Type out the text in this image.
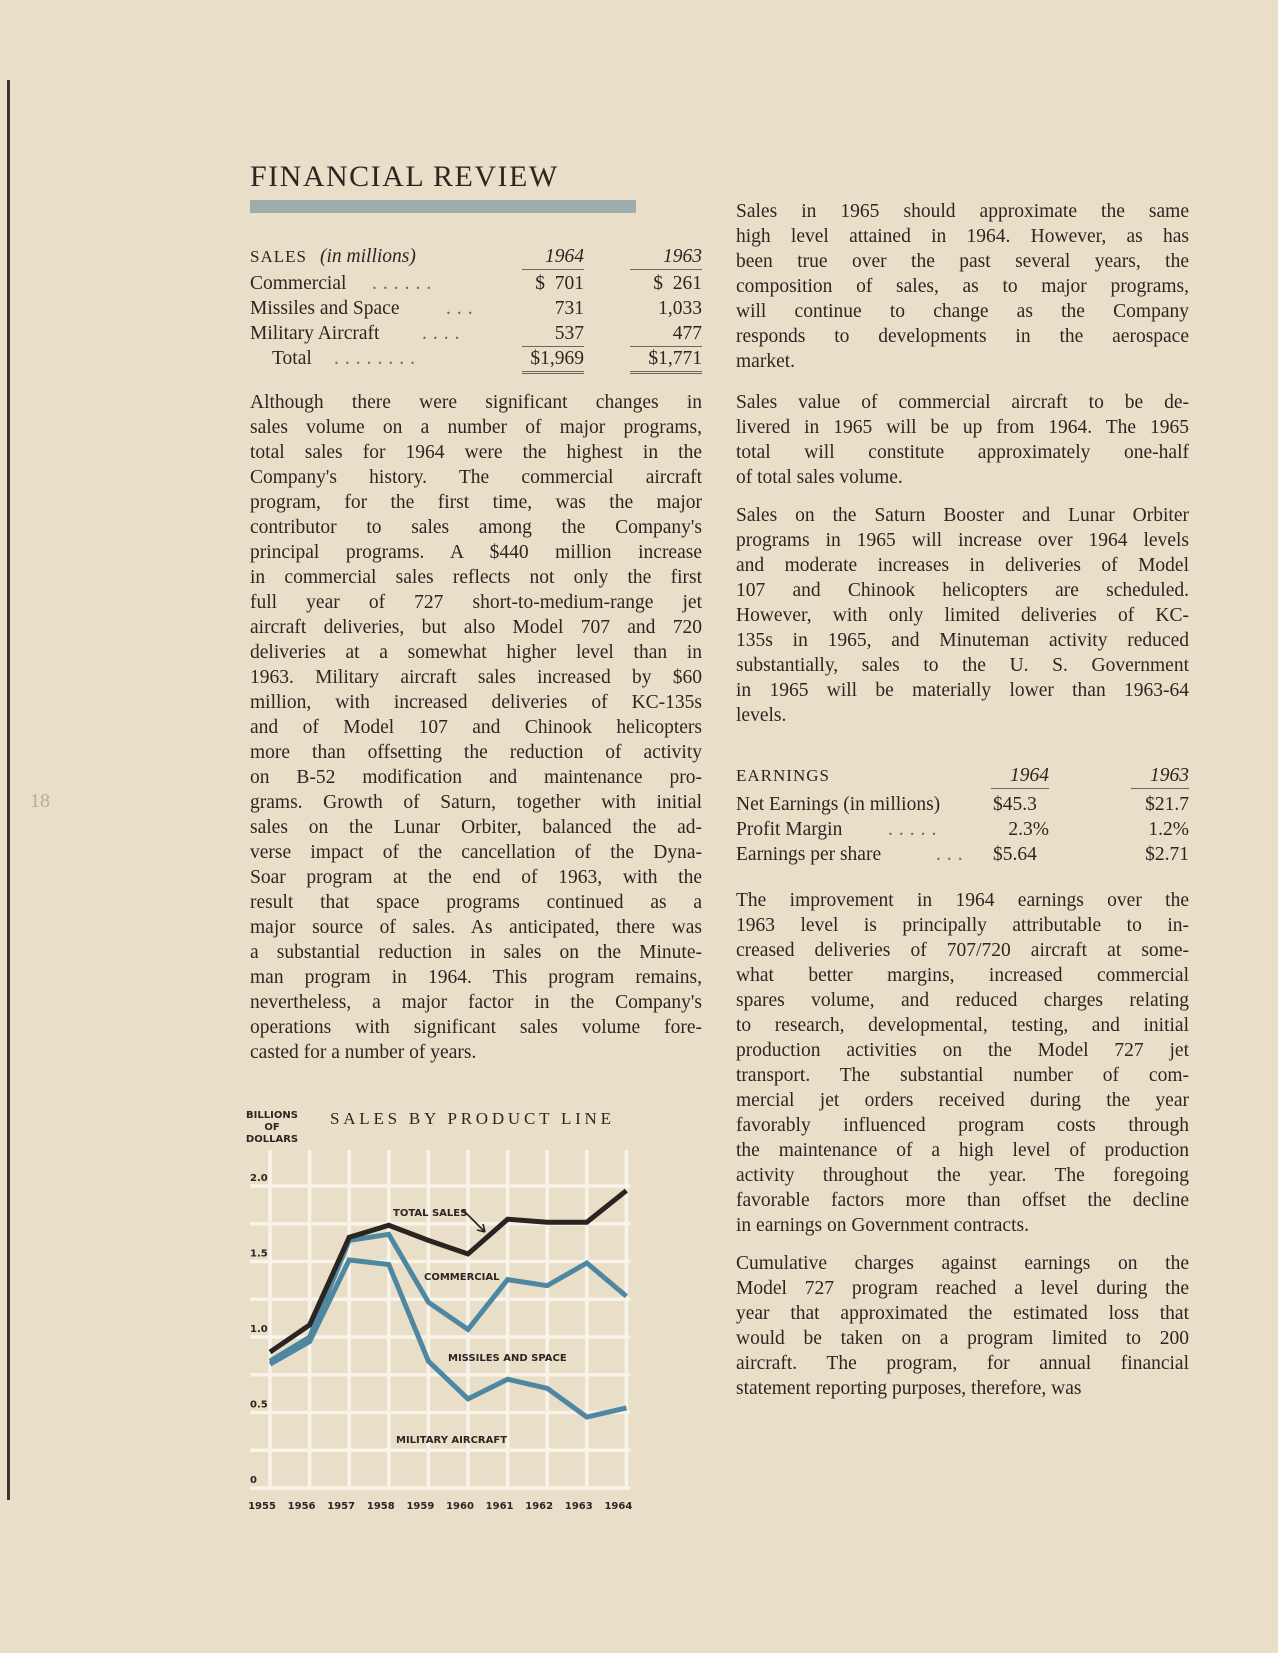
18
FINANCIAL REVIEW
SALES (in millions)	1964	1963
Commercial ......	$  701	$  261
Missiles and Space ...	731	1,033
Military Aircraft ....	537	477
Total ........	$1,969	$1,771
Although there were significant changes in
sales volume on a number of major programs,
total sales for 1964 were the highest in the
Company's history. The commercial aircraft
program, for the first time, was the major
contributor to sales among the Company's
principal programs. A $440 million increase
in commercial sales reflects not only the first
full year of 727 short-to-medium-range jet
aircraft deliveries, but also Model 707 and 720
deliveries at a somewhat higher level than in
1963. Military aircraft sales increased by $60
million, with increased deliveries of KC-135s
and of Model 107 and Chinook helicopters
more than offsetting the reduction of activity
on B-52 modification and maintenance pro-
grams. Growth of Saturn, together with initial
sales on the Lunar Orbiter, balanced the ad-
verse impact of the cancellation of the Dyna-
Soar program at the end of 1963, with the
result that space programs continued as a
major source of sales. As anticipated, there was
a substantial reduction in sales on the Minute-
man program in 1964. This program remains,
nevertheless, a major factor in the Company's
operations with significant sales volume fore-
casted for a number of years.
Sales in 1965 should approximate the same
high level attained in 1964. However, as has
been true over the past several years, the
composition of sales, as to major programs,
will continue to change as the Company
responds to developments in the aerospace
market.
Sales value of commercial aircraft to be de-
livered in 1965 will be up from 1964. The 1965
total will constitute approximately one-half
of total sales volume.
Sales on the Saturn Booster and Lunar Orbiter
programs in 1965 will increase over 1964 levels
and moderate increases in deliveries of Model
107 and Chinook helicopters are scheduled.
However, with only limited deliveries of KC-
135s in 1965, and Minuteman activity reduced
substantially, sales to the U. S. Government
in 1965 will be materially lower than 1963-64
levels.
The improvement in 1964 earnings over the
1963 level is principally attributable to in-
creased deliveries of 707/720 aircraft at some-
what better margins, increased commercial
spares volume, and reduced charges relating
to research, developmental, testing, and initial
production activities on the Model 727 jet
transport. The substantial number of com-
mercial jet orders received during the year
favorably influenced program costs through
the maintenance of a high level of production
activity throughout the year. The foregoing
favorable factors more than offset the decline
in earnings on Government contracts.
Cumulative charges against earnings on the
Model 727 program reached a level during the
year that approximated the estimated loss that
would be taken on a program limited to 200
aircraft. The program, for annual financial
statement reporting purposes, therefore, was
EARNINGS	1964	1963
Net Earnings (in millions)	$45.3	$21.7
Profit Margin .....	2.3%	1.2%
Earnings per share	... $5.64	$2.71
BILLIONS
OF
DOLLARS
SALES BY PRODUCT LINE
0
0.5
1.0
1.5
2.0
1955 1956 1957 1958 1959 1960 1961 1962 1963 1964
TOTAL SALES
COMMERCIAL
MISSILES AND SPACE
MILITARY AIRCRAFT
